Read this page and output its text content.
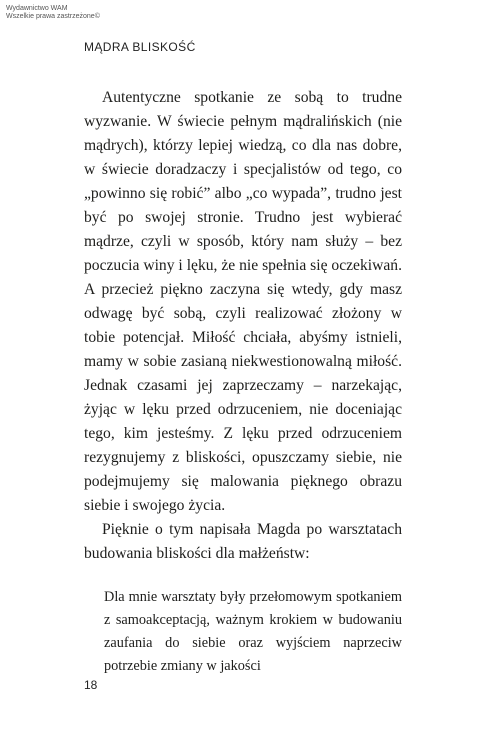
Wydawnictwo WAM
Wszelkie prawa zastrzeżone©
MĄDRA BLISKOŚĆ

Autentyczne spotkanie ze sobą to trudne wyzwanie. W świecie pełnym mądralińskich (nie mądrych), którzy lepiej wiedzą, co dla nas dobre, w świecie doradzaczy i specjalistów od tego, co „powinno się robić” albo „co wypada”, trudno jest być po swojej stronie. Trudno jest wybierać mądrze, czyli w sposób, który nam służy – bez poczucia winy i lęku, że nie spełnia się oczekiwań. A przecież piękno zaczyna się wtedy, gdy masz odwagę być sobą, czyli realizować złożony w tobie potencjał. Miłość chciała, abyśmy istnieli, mamy w sobie zasianą niekwestionowalną miłość. Jednak czasami jej zaprzeczamy – narzekając, żyjąc w lęku przed odrzuceniem, nie doceniając tego, kim jesteśmy. Z lęku przed odrzuceniem rezygnujemy z bliskości, opuszczamy siebie, nie podejmujemy się malowania pięknego obrazu siebie i swojego życia.

Pięknie o tym napisała Magda po warsztatach budowania bliskości dla małżeństw:

Dla mnie warsztaty były przełomowym spotkaniem z samoakceptacją, ważnym krokiem w budowaniu zaufania do siebie oraz wyjściem naprzeciw potrzebie zmiany w jakości

18
